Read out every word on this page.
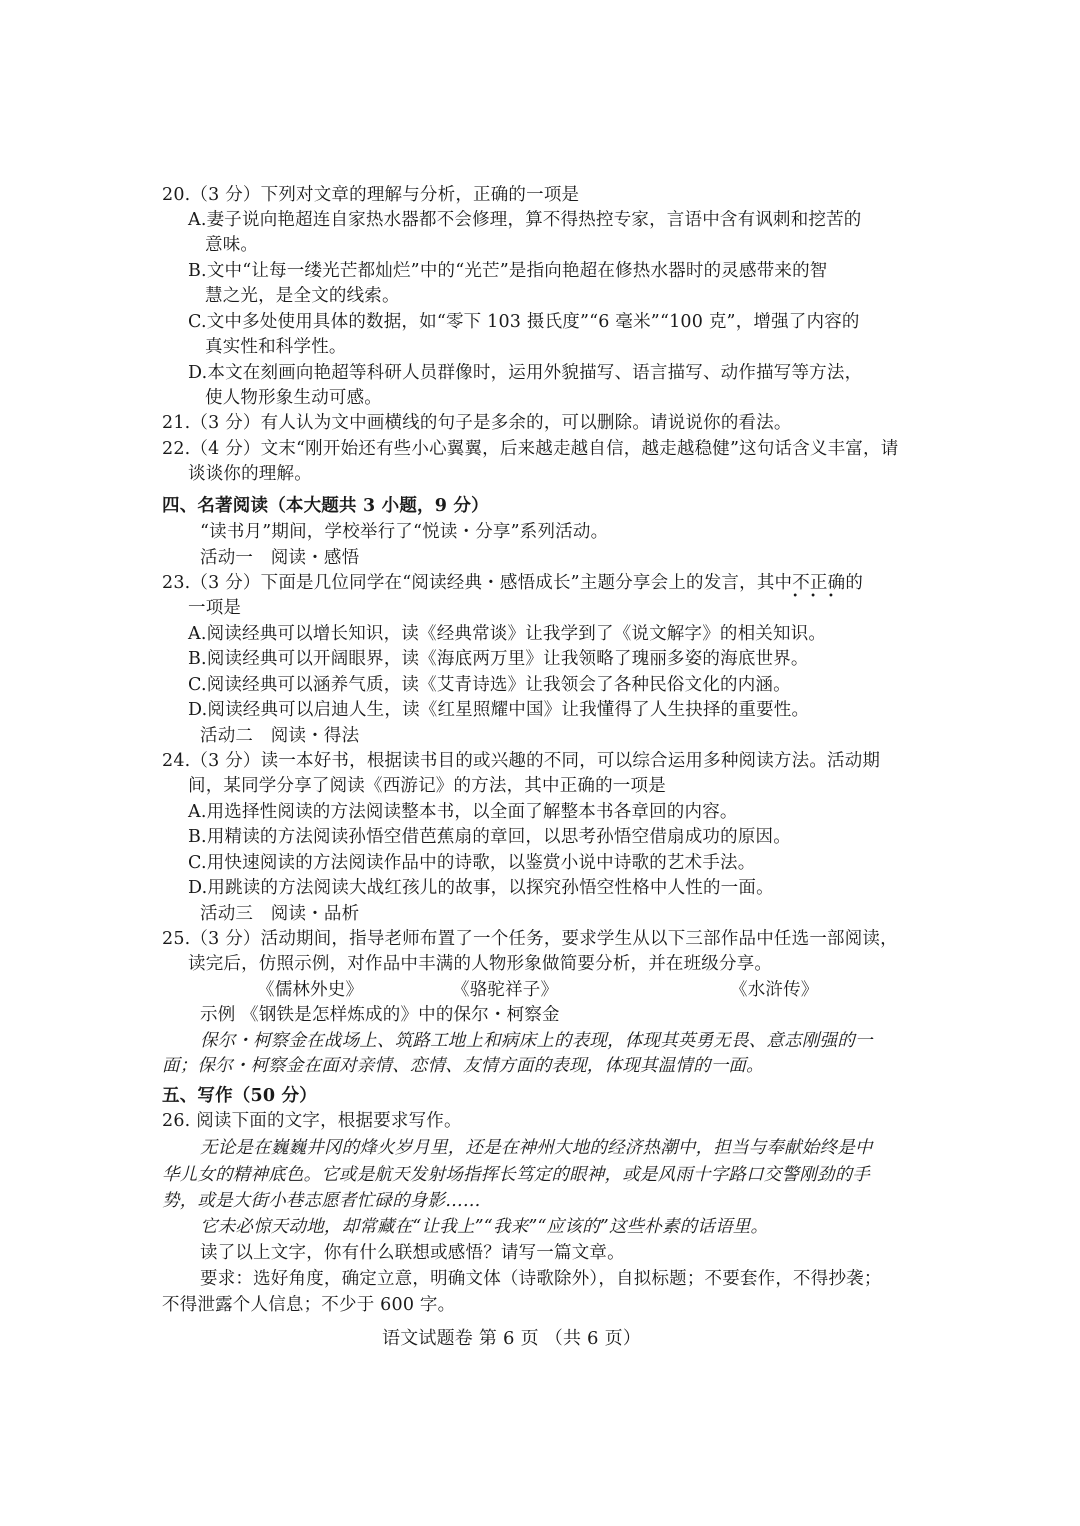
20.（3 分）下列对文章的理解与分析，正确的一项是
A.妻子说向艳超连自家热水器都不会修理，算不得热控专家，言语中含有讽刺和挖苦的
意味。
B.文中“让每一缕光芒都灿烂”中的“光芒”是指向艳超在修热水器时的灵感带来的智
慧之光，是全文的线索。
C.文中多处使用具体的数据，如“零下 103 摄氏度”“6 毫米”“100 克”，增强了内容的
真实性和科学性。
D.本文在刻画向艳超等科研人员群像时，运用外貌描写、语言描写、动作描写等方法，
使人物形象生动可感。
21.（3 分）有人认为文中画横线的句子是多余的，可以删除。请说说你的看法。
22.（4 分）文末“刚开始还有些小心翼翼，后来越走越自信，越走越稳健”这句话含义丰富，请
谈谈你的理解。
四、名著阅读（本大题共 3 小题，9 分）
“读书月”期间，学校举行了“悦读・分享”系列活动。
活动一　阅读・感悟
23.（3 分）下面是几位同学在“阅读经典・感悟成长”主题分享会上的发言，其中不正确
•••
的
一项是
A.阅读经典可以增长知识，读《经典常谈》让我学到了《说文解字》的相关知识。
B.阅读经典可以开阔眼界，读《海底两万里》让我领略了瑰丽多姿的海底世界。
C.阅读经典可以涵养气质，读《艾青诗选》让我领会了各种民俗文化的内涵。
D.阅读经典可以启迪人生，读《红星照耀中国》让我懂得了人生抉择的重要性。
活动二　阅读・得法
24.（3 分）读一本好书，根据读书目的或兴趣的不同，可以综合运用多种阅读方法。活动期
间，某同学分享了阅读《西游记》的方法，其中正确的一项是
A.用选择性阅读的方法阅读整本书，以全面了解整本书各章回的内容。
B.用精读的方法阅读孙悟空借芭蕉扇的章回，以思考孙悟空借扇成功的原因。
C.用快速阅读的方法阅读作品中的诗歌，以鉴赏小说中诗歌的艺术手法。
D.用跳读的方法阅读大战红孩儿的故事，以探究孙悟空性格中人性的一面。
活动三　阅读・品析
25.（3 分）活动期间，指导老师布置了一个任务，要求学生从以下三部作品中任选一部阅读，
读完后，仿照示例，对作品中丰满的人物形象做简要分析，并在班级分享。
《儒林外史》	《骆驼祥子》	《水浒传》
示例 《钢铁是怎样炼成的》中的保尔・柯察金
保尔・柯察金在战场上、筑路工地上和病床上的表现，体现其英勇无畏、意志刚强的一
面；保尔・柯察金在面对亲情、恋情、友情方面的表现，体现其温情的一面。
五、写作（50 分）
26. 阅读下面的文字，根据要求写作。
无论是在巍巍井冈的烽火岁月里，还是在神州大地的经济热潮中，担当与奉献始终是中
华儿女的精神底色。它或是航天发射场指挥长笃定的眼神，或是风雨十字路口交警刚劲的手
势，或是大街小巷志愿者忙碌的身影……
它未必惊天动地，却常藏在“让我上”“我来”“应该的”这些朴素的话语里。
读了以上文字，你有什么联想或感悟？请写一篇文章。
要求：选好角度，确定立意，明确文体（诗歌除外），自拟标题；不要套作，不得抄袭；
不得泄露个人信息；不少于 600 字。
语文试题卷 第 6 页 （共 6 页）
